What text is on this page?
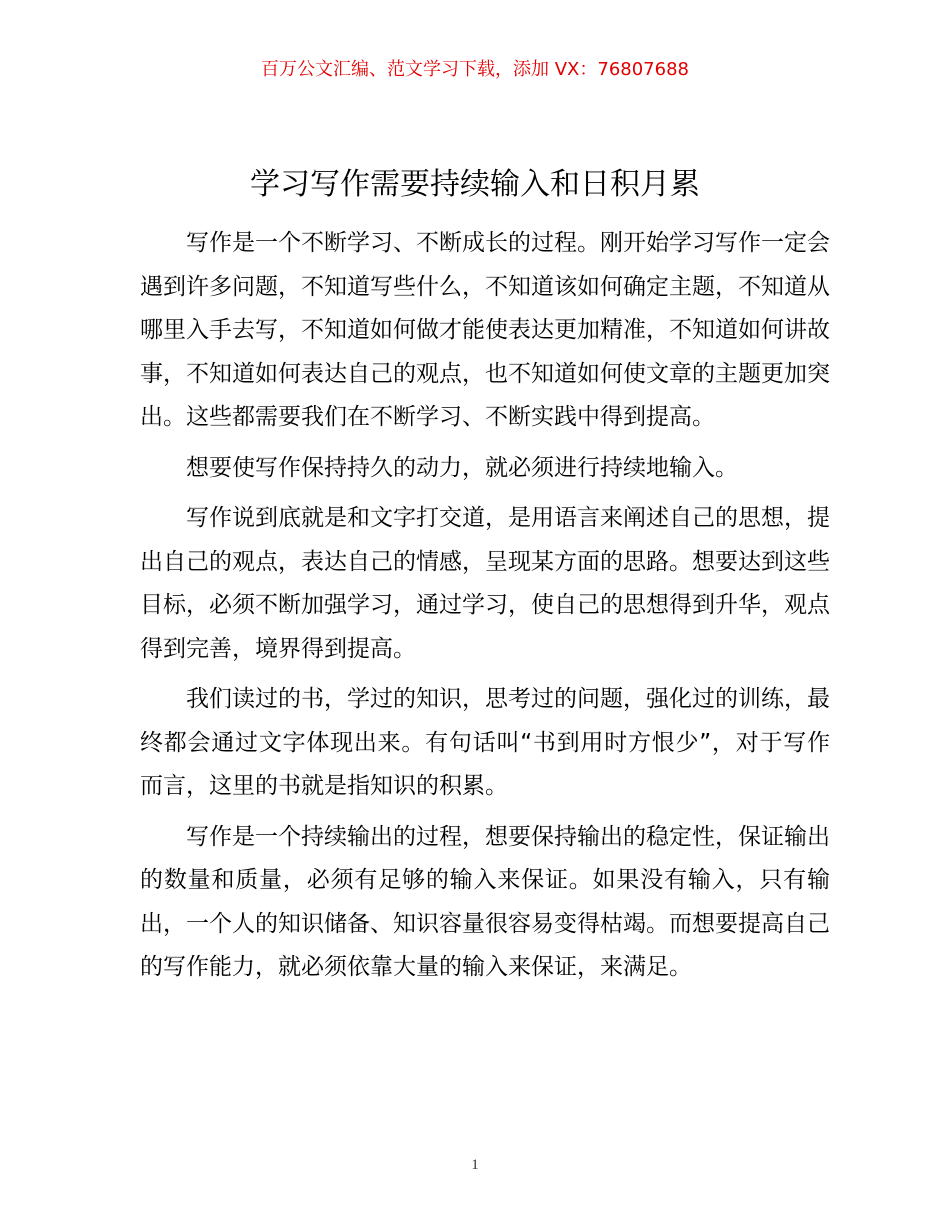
百万公文汇编、范文学习下载，添加 VX：76807688
学习写作需要持续输入和日积月累

写作是一个不断学习、不断成长的过程。刚开始学习写作一定会遇到许多问题，不知道写些什么，不知道该如何确定主题，不知道从哪里入手去写，不知道如何做才能使表达更加精准，不知道如何讲故事，不知道如何表达自己的观点，也不知道如何使文章的主题更加突出。这些都需要我们在不断学习、不断实践中得到提高。

想要使写作保持持久的动力，就必须进行持续地输入。

写作说到底就是和文字打交道，是用语言来阐述自己的思想，提出自己的观点，表达自己的情感，呈现某方面的思路。想要达到这些目标，必须不断加强学习，通过学习，使自己的思想得到升华，观点得到完善，境界得到提高。

我们读过的书，学过的知识，思考过的问题，强化过的训练，最终都会通过文字体现出来。有句话叫“书到用时方恨少”，对于写作而言，这里的书就是指知识的积累。

写作是一个持续输出的过程，想要保持输出的稳定性，保证输出的数量和质量，必须有足够的输入来保证。如果没有输入，只有输出，一个人的知识储备、知识容量很容易变得枯竭。而想要提高自己的写作能力，就必须依靠大量的输入来保证，来满足。

1
